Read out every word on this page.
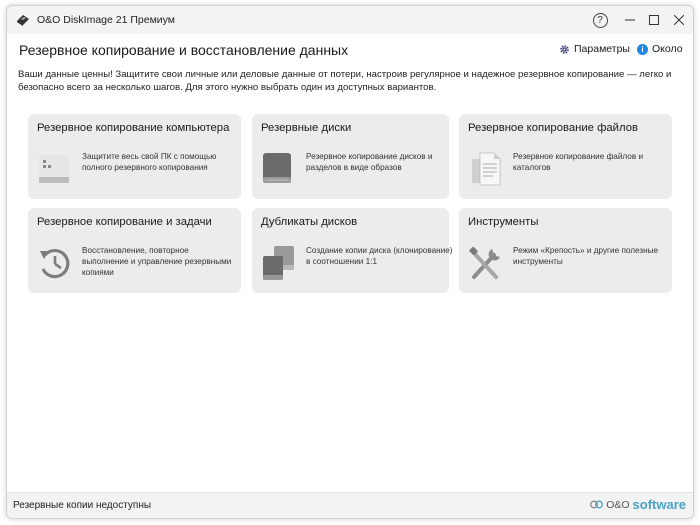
O&O DiskImage 21 Премиум	?
Резервное копирование и восстановление данных	Параметры	i Около
Ваши данные ценны! Защитите свои личные или деловые данные от потери, настроив регулярное и надежное резервное копирование — легко и безопасно всего за несколько шагов. Для этого нужно выбрать один из доступных вариантов.
Резервное копирование компьютера
Защитите весь свой ПК с помощью полного резервного копирования
Резервные диски
Резервное копирование дисков и разделов в виде образов
Резервное копирование файлов
Резервное копирование файлов и каталогов
Резервное копирование и задачи
Восстановление, повторное выполнение и управление резервными копиями
Дубликаты дисков
Создание копии диска (клонирование) в соотношении 1:1
Инструменты
Режим «Крепость» и другие полезные инструменты
Резервные копии недоступны	O&O software
